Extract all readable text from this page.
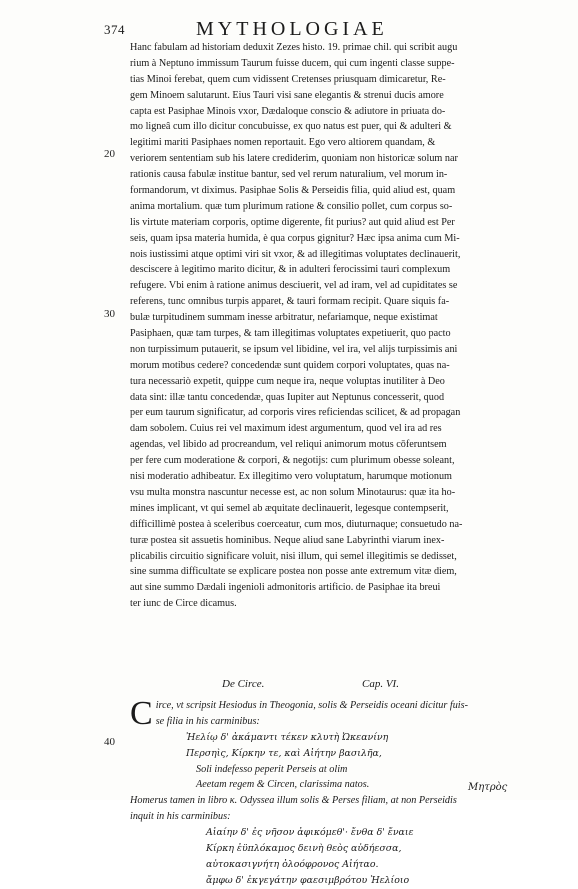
374	MYTHOLOGIAE
20
30
40
Hanc fabulam ad historiam deduxit Zezes histo. 19. primae chil. qui scribit augu
rium à Neptuno immissum Taurum fuisse ducem, qui cum ingenti classe suppe-
tias Minoi ferebat, quem cum vidissent Cretenses priusquam dimicaretur, Re-
gem Minoem salutarunt. Eius Tauri visi sane elegantis & strenui ducis amore
capta est Pasiphae Minois vxor, Dædaloque conscio & adiutore in priuata do-
mo ligneâ cum illo dicitur concubuisse, ex quo natus est puer, qui & adulteri &
legitimi mariti Pasiphaes nomen reportauit. Ego vero altiorem quandam, &
veriorem sententiam sub his latere crediderim, quoniam non historicæ solum nar
rationis causa fabulæ institue bantur, sed vel rerum naturalium, vel morum in-
formandorum, vt diximus. Pasiphae Solis & Perseidis filia, quid aliud est, quam
anima mortalium. quæ tum plurimum ratione & consilio pollet, cum corpus so-
lis virtute materiam corporis, optime digerente, fit purius? aut quid aliud est Per
seis, quam ipsa materia humida, è qua corpus gignitur? Hæc ipsa anima cum Mi-
nois iustissimi atque optimi viri sit vxor, & ad illegitimas voluptates declinauerit,
desciscere à legitimo marito dicitur, & in adulteri ferocissimi tauri complexum
refugere. Vbi enim à ratione animus desciuerit, vel ad iram, vel ad cupiditates se
referens, tunc omnibus turpis apparet, & tauri formam recipit. Quare siquis fa-
bulæ turpitudinem summam inesse arbitratur, nefariamque, neque existimat
Pasiphaen, quæ tam turpes, & tam illegitimas voluptates expetiuerit, quo pacto
non turpissimum putauerit, se ipsum vel libidine, vel ira, vel alijs turpissimis ani
morum motibus cedere? concedendæ sunt quidem corpori voluptates, quas na-
tura necessariò expetit, quippe cum neque ira, neque voluptas inutiliter à Deo
data sint: illæ tantu concedendæ, quas Iupiter aut Neptunus concesserit, quod
per eum taurum significatur, ad corporis vires reficiendas scilicet, & ad propagan
dam sobolem. Cuius rei vel maximum idest argumentum, quod vel ira ad res
agendas, vel libido ad procreandum, vel reliqui animorum motus cōferuntsem
per fere cum moderatione & corpori, & negotijs: cum plurimum obesse soleant,
nisi moderatio adhibeatur. Ex illegitimo vero voluptatum, harumque motionum
vsu multa monstra nascuntur necesse est, ac non solum Minotaurus: quæ ita ho-
mines implicant, vt qui semel ab æquitate declinauerit, legesque contempserit,
difficillimè postea à sceleribus coerceatur, cum mos, diuturnaque; consuetudo na-
turæ postea sit assuetis hominibus. Neque aliud sane Labyrinthi viarum inex-
plicabilis circuitio significare voluit, nisi illum, qui semel illegitimis se dedisset,
sine summa difficultate se explicare postea non posse ante extremum vitæ diem,
aut sine summo Dædali ingenioli admonitoris artificio. de Pasiphae ita breui
ter iunc de Circe dicamus.
De Circe.	Cap. VI.
C irce, vt scripsit Hesiodus in Theogonia, solis & Perseidis oceani dicitur fuis-
se filia in his carminibus:
Ἠελίῳ δ' ἀκάμαντι τέκεν κλυτὴ Ὠκεανίνη
Περσηὶς, Κίρκην τε, καὶ Αἰήτην βασιλῆα,
Soli indefesso peperit Perseis at olim
Aeetam regem & Circen, clarissima natos.
Homerus tamen in libro κ. Odyssea illum solis & Perses filiam, at non Perseidis
inquit in his carminibus:
Αἰαίην δ' ἐς νῆσον ἀφικόμεθ'· ἔνθα δ' ἔναιε
Κίρκη ἐϋπλόκαμος δεινὴ θεὸς αὐδήεσσα,
αὐτοκασιγνήτη ὀλοόφρονος Αἰήταο.
ἄμφω δ' ἐκγεγάτην φαεσιμβρότου Ἠελίοιο
Μητρὸς
